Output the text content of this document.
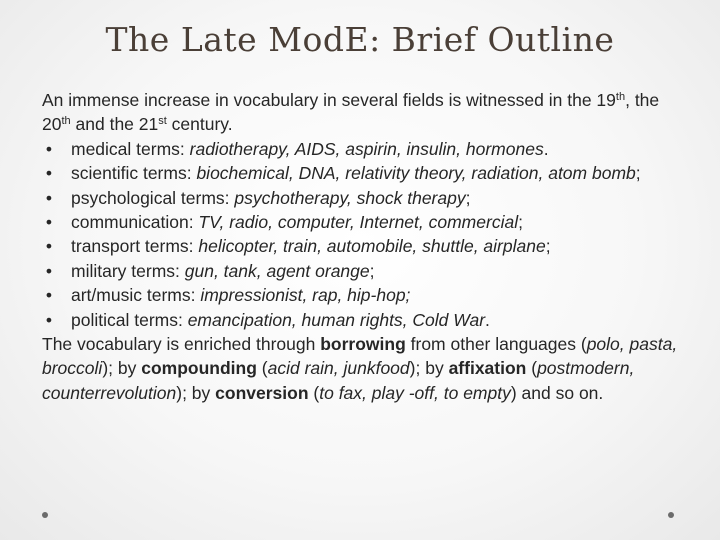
The Late ModE: Brief Outline

An immense increase in vocabulary in several fields is witnessed in the 19th, the 20th and the 21st century.

• medical terms: radiotherapy, AIDS, aspirin, insulin, hormones.
• scientific terms: biochemical, DNA, relativity theory, radiation, atom bomb;
• psychological terms: psychotherapy, shock therapy;
• communication: TV, radio, computer, Internet, commercial;
• transport terms: helicopter, train, automobile, shuttle, airplane;
• military terms: gun, tank, agent orange;
• art/music terms: impressionist, rap, hip-hop;
• political terms: emancipation, human rights, Cold War.

The vocabulary is enriched through borrowing from other languages (polo, pasta, broccoli); by compounding (acid rain, junkfood); by affixation (postmodern, counterrevolution); by conversion (to fax, play -off, to empty) and so on.
